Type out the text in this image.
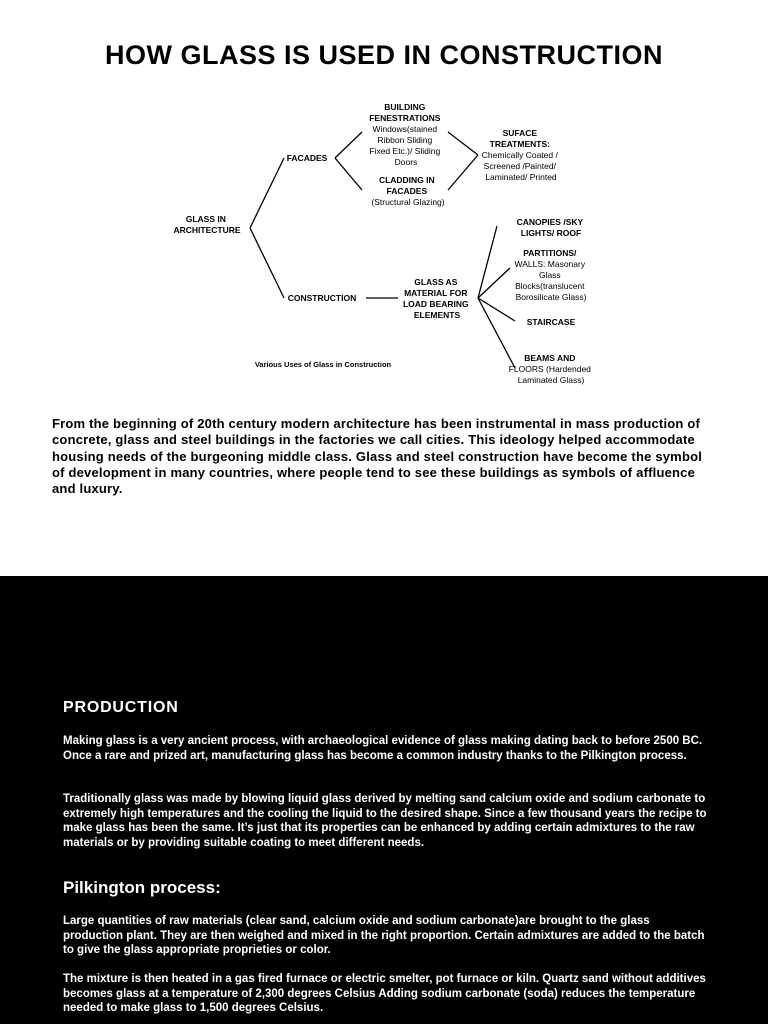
HOW GLASS IS USED IN CONSTRUCTION
GLASS IN ARCHITECTURE
FACADES
CONSTRUCTION
BUILDING FENESTRATIONS Windows(stained Ribbon Sliding Fixed Etc.)/ Sliding Doors
CLADDING IN FACADES (Structural Glazing)
SUFACE TREATMENTS: Chemically Coated / Screened /Painted/ Laminated/ Printed
GLASS AS MATERIAL FOR LOAD BEARING ELEMENTS
CANOPIES /SKY LIGHTS/ ROOF
PARTITIONS/ WALLS: Masonary Glass Blocks(translucent Borosilicate Glass)
STAIRCASE
BEAMS AND FLOORS (Hardended Laminated Glass)
Various Uses of Glass in Construction
From the beginning of 20th century modern architecture has been instrumental in mass production of concrete, glass and steel buildings in the factories we call cities. This ideology helped accommodate housing needs of the burgeoning middle class. Glass and steel construction have become the symbol of development in many countries, where people tend to see these buildings as symbols of affluence and luxury.
PRODUCTION
Making glass is a very ancient process, with archaeological evidence of glass making dating back to before 2500 BC. Once a rare and prized art, manufacturing glass has become a common industry thanks to the Pilkington process.
Traditionally glass was made by blowing liquid glass derived by melting sand calcium oxide and sodium carbonate to extremely high temperatures and the cooling the liquid to the desired shape. Since a few thousand years the recipe to make glass has been the same. It’s just that its properties can be enhanced by adding certain admixtures to the raw materials or by providing suitable coating to meet different needs.
Pilkington process:
Large quantities of raw materials (clear sand, calcium oxide and sodium carbonate)are brought to the glass production plant. They are then weighed and mixed in the right proportion. Certain admixtures are added to the batch to give the glass appropriate proprieties or color.
The mixture is then heated in a gas fired furnace or electric smelter, pot furnace or kiln. Quartz sand without additives becomes glass at a temperature of 2,300 degrees Celsius Adding sodium carbonate (soda) reduces the temperature needed to make glass to 1,500 degrees Celsius.
